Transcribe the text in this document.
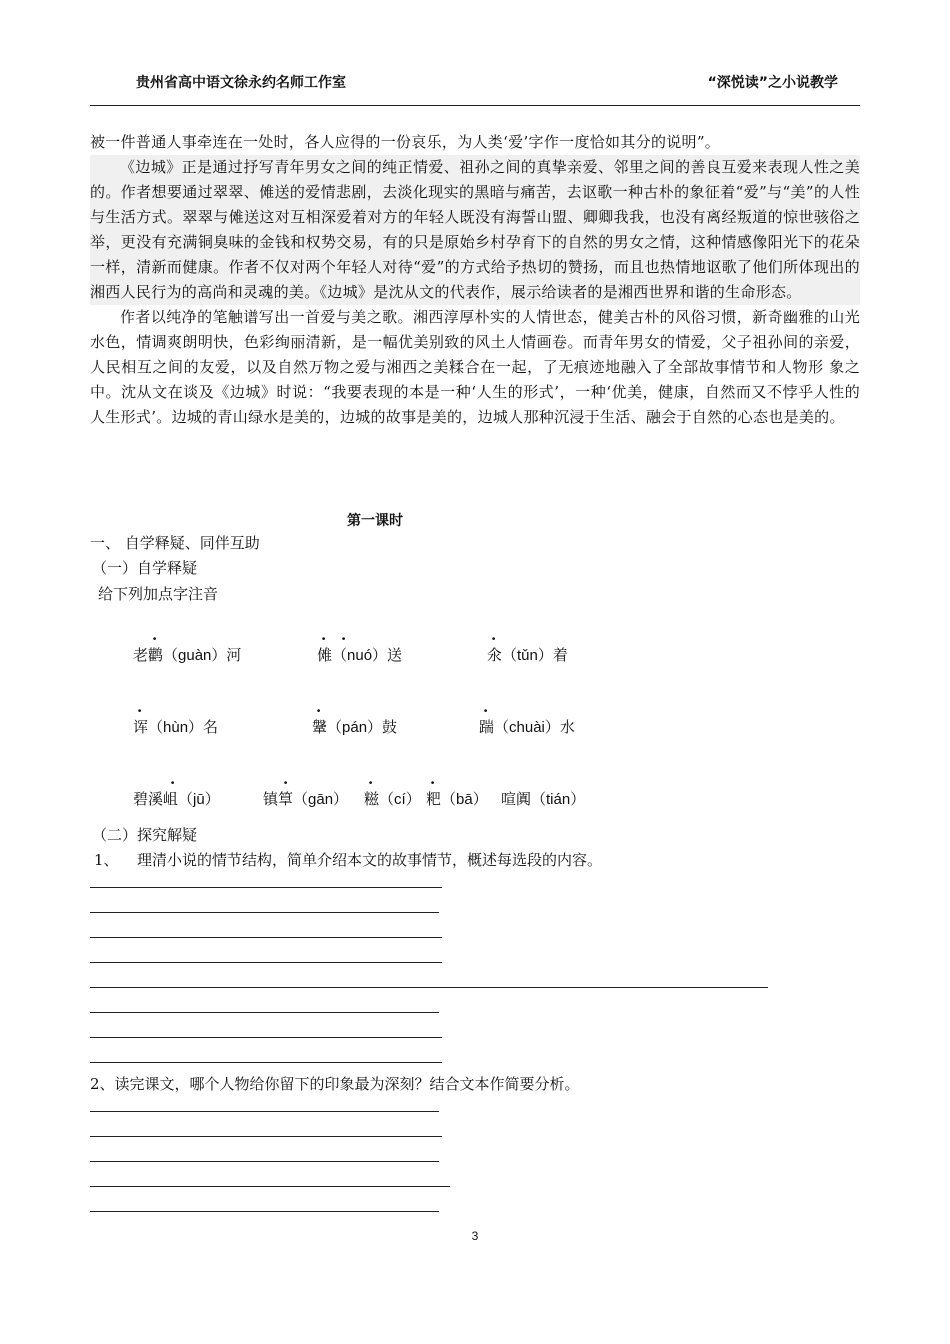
贵州省高中语文徐永约名师工作室	“深悦读”之小说教学

被一件普通人事牵连在一处时，各人应得的一份哀乐，为人类‘爱’字作一度恰如其分的说明”。

《边城》正是通过抒写青年男女之间的纯正情爱、祖孙之间的真挚亲爱、邻里之间的善良互爱来表现人性之美的。作者想要通过翠翠、傩送的爱情悲剧，去淡化现实的黑暗与痛苦，去讴歌一种古朴的象征着“爱”与“美”的人性与生活方式。翠翠与傩送这对互相深爱着对方的年轻人既没有海誓山盟、卿卿我我，也没有离经叛道的惊世骇俗之举，更没有充满铜臭味的金钱和权势交易，有的只是原始乡村孕育下的自然的男女之情，这种情感像阳光下的花朵一样，清新而健康。作者不仅对两个年轻人对待“爱”的方式给予热切的赞扬，而且也热情地讴歌了他们所体现出的湘西人民行为的高尚和灵魂的美。《边城》是沈从文的代表作，展示给读者的是湘西世界和谐的生命形态。

作者以纯净的笔触谱写出一首爱与美之歌。湘西淳厚朴实的人情世态，健美古朴的风俗习惯，新奇幽雅的山光水色，情调爽朗明快，色彩绚丽清新，是一幅优美别致的风土人情画卷。而青年男女的情爱，父子祖孙间的亲爱，人民相互之间的友爱，以及自然万物之爱与湘西之美糅合在一起，了无痕迹地融入了全部故事情节和人物形 象之中。沈从文在谈及《边城》时说：“我要表现的本是一种‘人生的形式’，一种‘优美，健康，自然而又不悖乎人性的人生形式’。边城的青山绿水是美的，边城的故事是美的，边城人那种沉浸于生活、融会于自然的心态也是美的。

第一课时
一、 自学释疑、同伴互助
（一）自学释疑
给下列加点字注音
老鹳（guàn）河
.
傩（nuó）送
. .
氽（tǔn）着
.
诨（hùn）名
.
鞶（pán）鼓
.
踹（chuài）水
.
碧溪岨（jū）
.
镇筸（gān）
.
糍（cí）
.
粑（bā）
.
喧阗（tián）
（二）探究解疑
1、 理清小说的情节结构，简单介绍本文的故事情节，概述每选段的内容。
2、读完课文，哪个人物给你留下的印象最为深刻？结合文本作简要分析。
3
